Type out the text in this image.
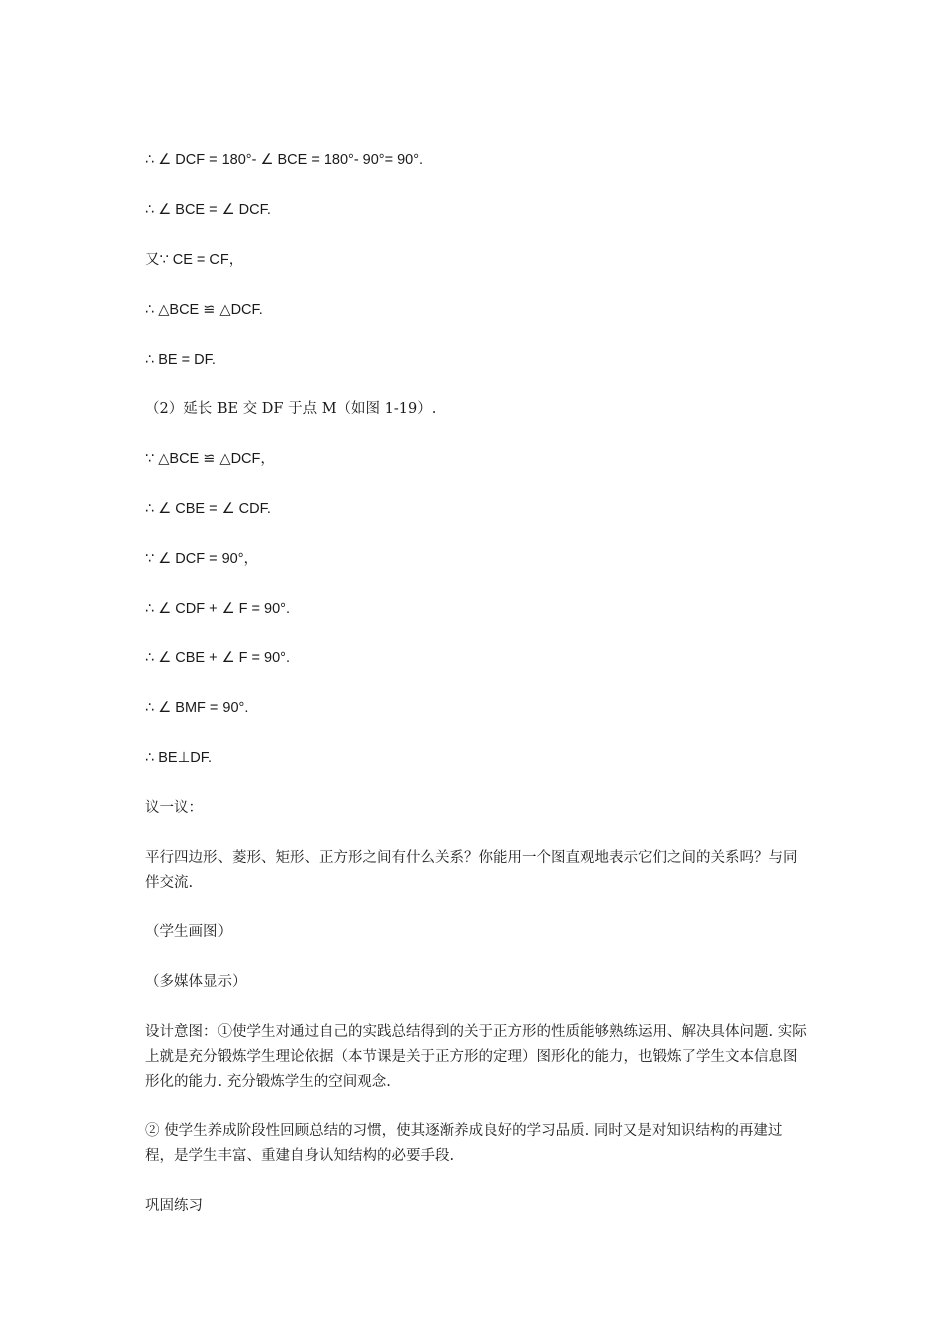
∴ ∠ DCF = 180°- ∠ BCE = 180°- 90°= 90°.
∴ ∠ BCE = ∠ DCF.
又∵ CE = CF，
∴ △BCE ≌ △DCF.
∴ BE = DF.
（2）延长 BE 交 DF 于点 M（如图 1-19）.
∵ △BCE ≌ △DCF，
∴ ∠ CBE = ∠ CDF.
∵ ∠ DCF = 90°，
∴ ∠ CDF + ∠ F = 90°.
∴ ∠ CBE + ∠ F = 90°.
∴ ∠ BMF = 90°.
∴ BE⊥DF.
议一议：
平行四边形、菱形、矩形、正方形之间有什么关系？你能用一个图直观地表示它们之间的关系吗？与同伴交流.
（学生画图）
（多媒体显示）
设计意图：①使学生对通过自己的实践总结得到的关于正方形的性质能够熟练运用、解决具体问题. 实际上就是充分锻炼学生理论依据（本节课是关于正方形的定理）图形化的能力，也锻炼了学生文本信息图形化的能力. 充分锻炼学生的空间观念.
② 使学生养成阶段性回顾总结的习惯，使其逐渐养成良好的学习品质. 同时又是对知识结构的再建过程，是学生丰富、重建自身认知结构的必要手段.
巩固练习
